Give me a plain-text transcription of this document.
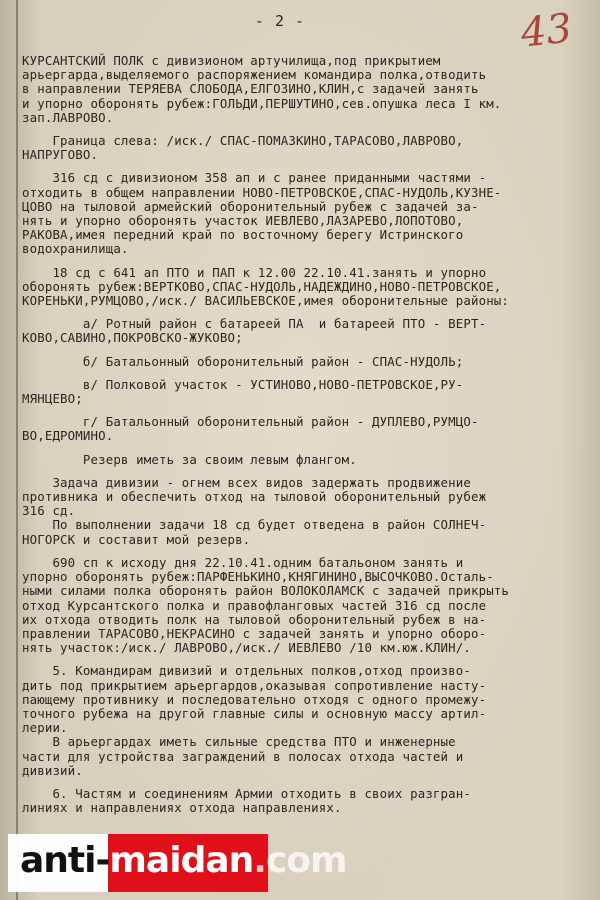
- 2 -	43

КУРСАНТСКИЙ ПОЛК с дивизионом артучилища,под прикрытием
арьергарда,выделяемого распоряжением командира полка,отводить
в направлении ТЕРЯЕВА СЛОБОДА,ЕЛГОЗИНО,КЛИН,с задачей занять
и упорно оборонять рубеж:ГОЛЬДИ,ПЕРШУТИНО,сев.опушка леса I км.
зап.ЛАВРОВО.

Граница слева: /иск./ СПАС-ПОМАЗКИНО,ТАРАСОВО,ЛАВРОВО,
НАПРУГОВО.

316 сд с дивизионом 358 ап и с ранее приданными частями -
отходить в общем направлении НОВО-ПЕТРОВСКОЕ,СПАС-НУДОЛЬ,КУЗНЕ-
ЦОВО на тыловой армейский оборонительный рубеж с задачей за-
нять и упорно оборонять участок ИЕВЛЕВО,ЛАЗАРЕВО,ЛОПОТОВО,
РАКОВА,имея передний край по восточному берегу Истринского
водохранилища.

18 сд с 641 ап ПТО и ПАП к 12.00 22.10.41.занять и упорно
оборонять рубеж:ВЕРТКОВО,СПАС-НУДОЛЬ,НАДЕЖДИНО,НОВО-ПЕТРОВСКОЕ,
КОРЕНЬКИ,РУМЦОВО,/иск./ ВАСИЛЬЕВСКОЕ,имея оборонительные районы:

а/ Ротный район с батареей ПА  и батареей ПТО - ВЕРТ-
КОВО,САВИНО,ПОКРОВСКО-ЖУКОВО;

б/ Батальонный оборонительный район - СПАС-НУДОЛЬ;

в/ Полковой участок - УСТИНОВО,НОВО-ПЕТРОВСКОЕ,РУ-
МЯНЦЕВО;

г/ Батальонный оборонительный район - ДУПЛЕВО,РУМЦО-
ВО,ЕДРОМИНО.

Резерв иметь за своим левым флангом.

Задача дивизии - огнем всех видов задержать продвижение
противника и обеспечить отход на тыловой оборонительный рубеж
316 сд.
По выполнении задачи 18 сд будет отведена в район СОЛНЕЧ-
НОГОРСК и составит мой резерв.

690 сп к исходу дня 22.10.41.одним батальоном занять и
упорно оборонять рубеж:ПАРФЕНЬКИНО,КНЯГИНИНО,ВЫСОЧКОВО.Осталь-
ными силами полка оборонять район ВОЛОКОЛАМСК с задачей прикрыть
отход Курсантского полка и правофланговых частей 316 сд после
их отхода отводить полк на тыловой оборонительный рубеж в на-
правлении ТАРАСОВО,НЕКРАСИНО с задачей занять и упорно оборо-
нять участок:/иск./ ЛАВРОВО,/иск./ ИЕВЛЕВО /10 км.юж.КЛИН/.

5. Командирам дивизий и отдельных полков,отход произво-
дить под прикрытием арьергардов,оказывая сопротивление насту-
пающему противнику и последовательно отходя с одного промежу-
точного рубежа на другой главные силы и основную массу артил-
лерии.
В арьергардах иметь сильные средства ПТО и инженерные
части для устройства заграждений в полосах отхода частей и
дивизий.

6. Частям и соединениям Армии отходить в своих разгран-
линиях и направлениях отхода направлениях.

anti-maidan.com
